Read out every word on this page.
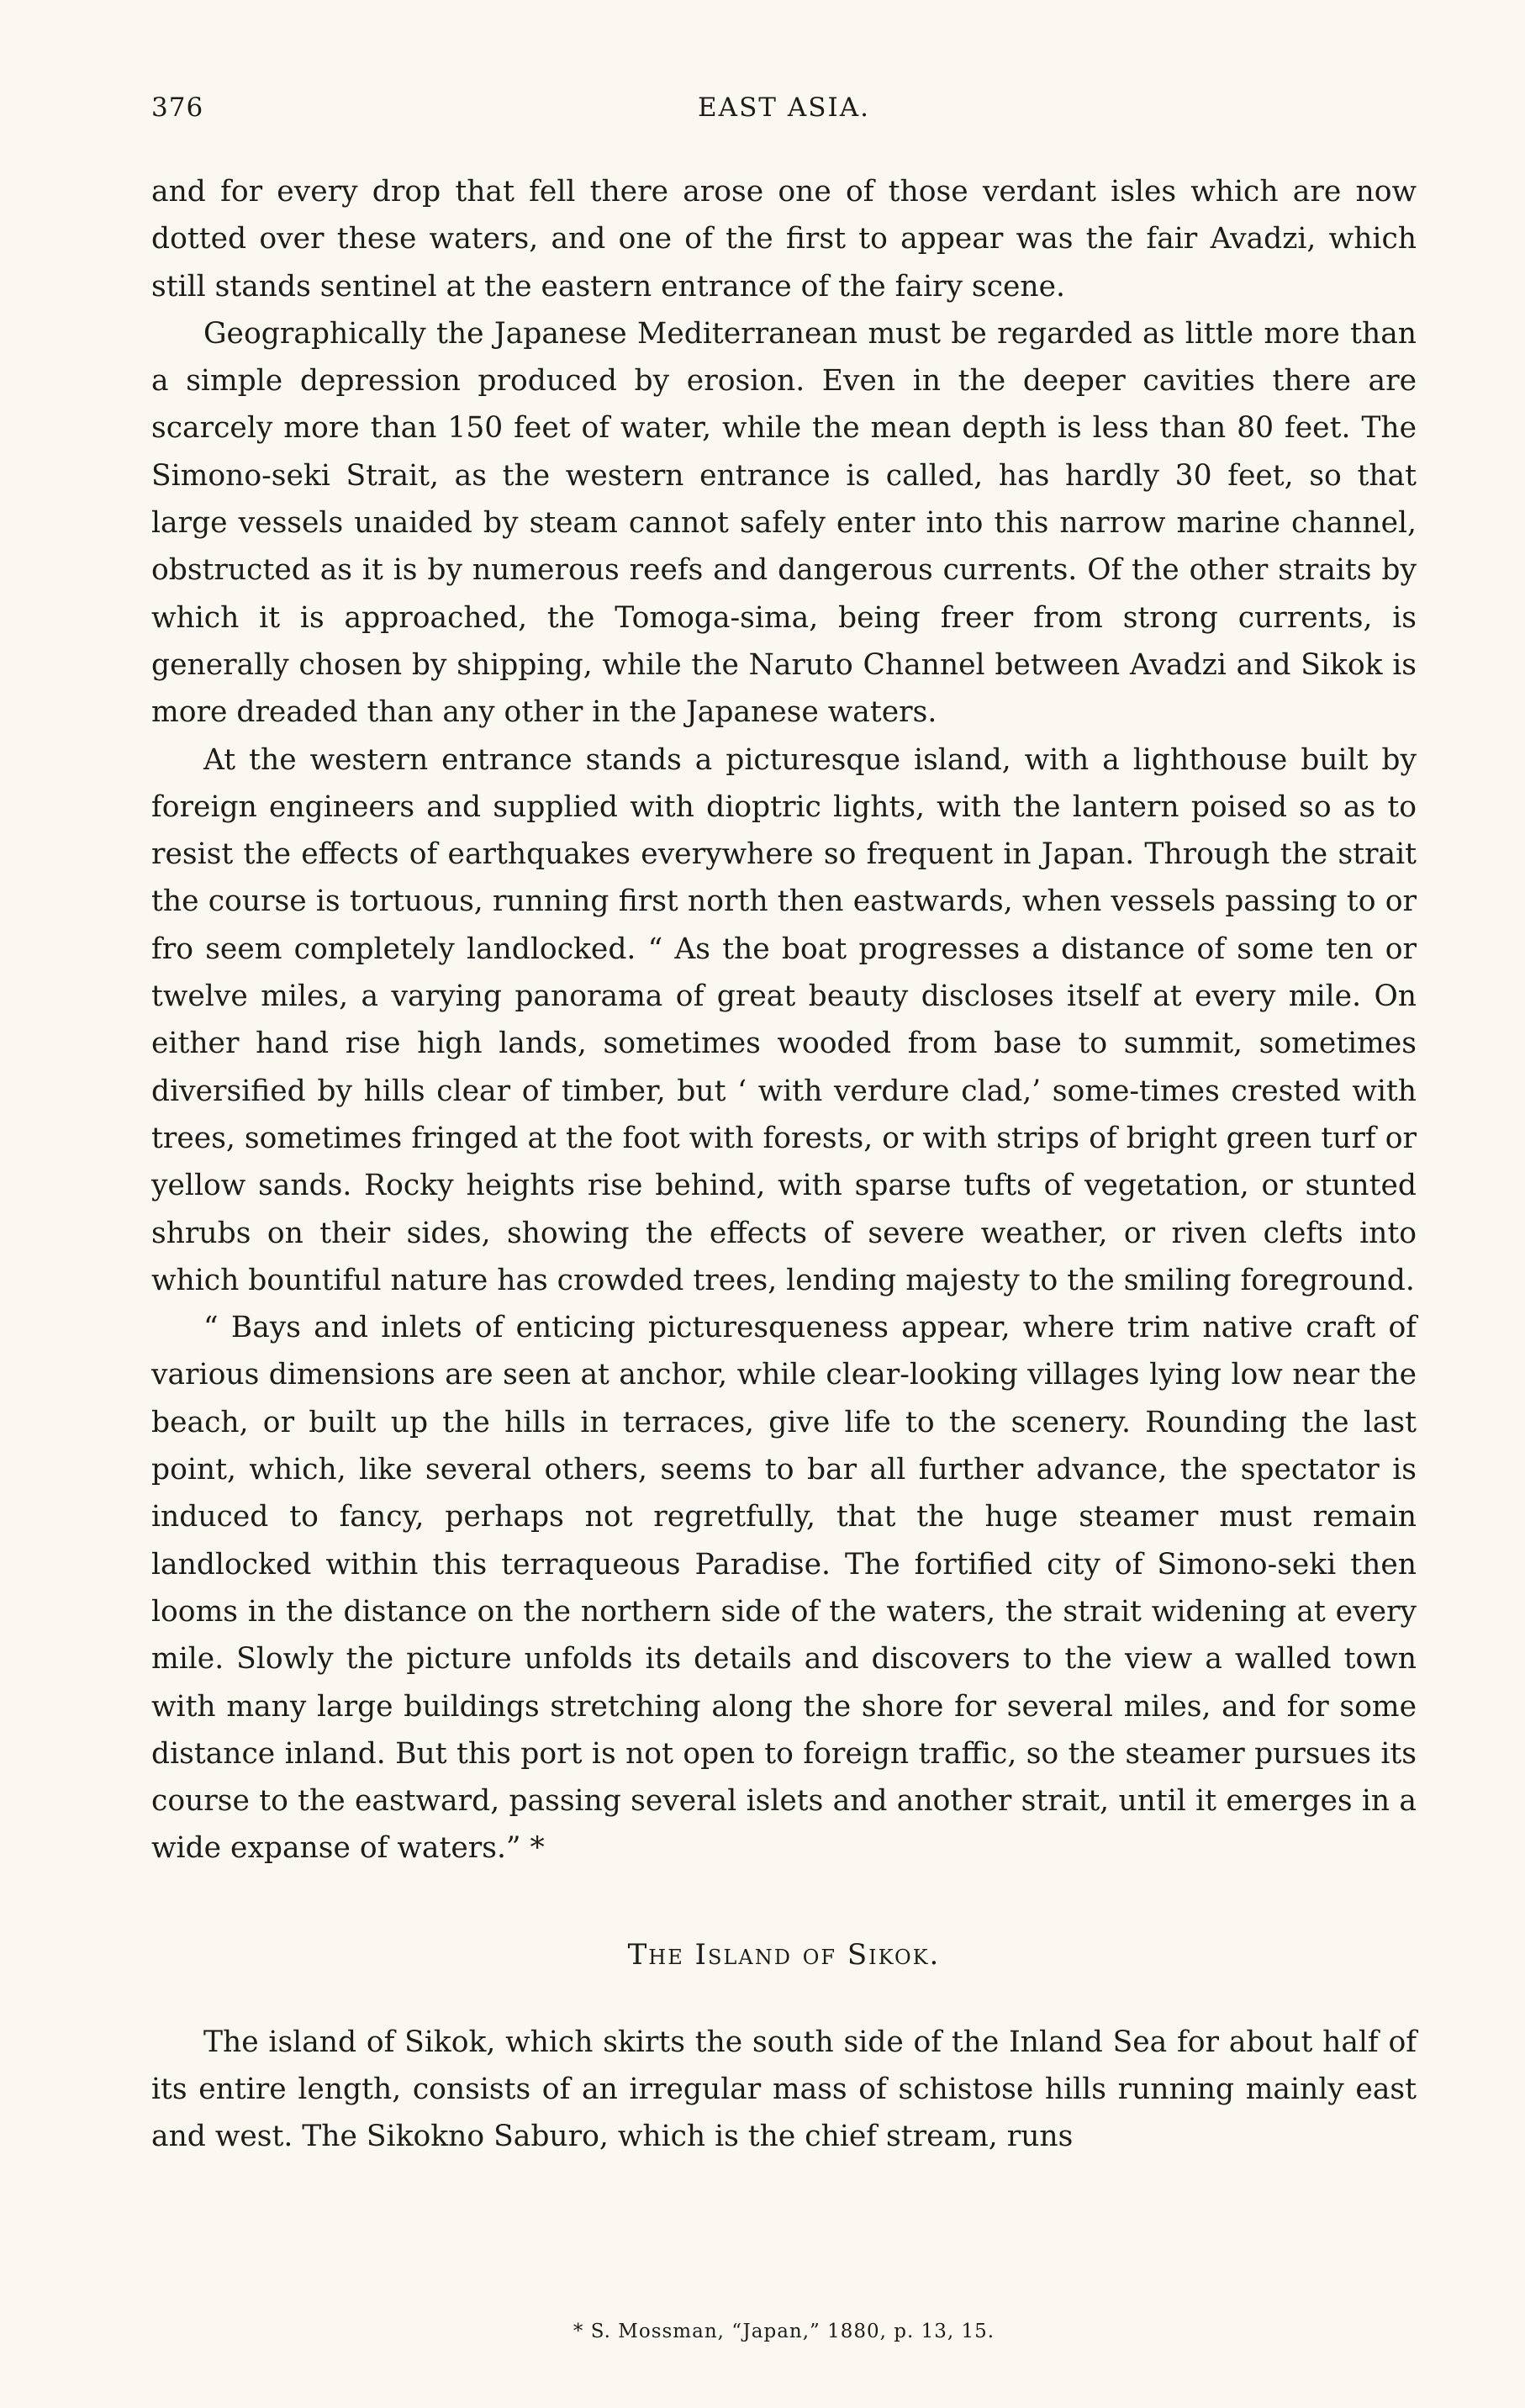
376	EAST ASIA.

and for every drop that fell there arose one of those verdant isles which are now dotted over these waters, and one of the first to appear was the fair Avadzi, which still stands sentinel at the eastern entrance of the fairy scene.

Geographically the Japanese Mediterranean must be regarded as little more than a simple depression produced by erosion. Even in the deeper cavities there are scarcely more than 150 feet of water, while the mean depth is less than 80 feet. The Simono-seki Strait, as the western entrance is called, has hardly 30 feet, so that large vessels unaided by steam cannot safely enter into this narrow marine channel, obstructed as it is by numerous reefs and dangerous currents. Of the other straits by which it is approached, the Tomoga-sima, being freer from strong currents, is generally chosen by shipping, while the Naruto Channel between Avadzi and Sikok is more dreaded than any other in the Japanese waters.

At the western entrance stands a picturesque island, with a lighthouse built by foreign engineers and supplied with dioptric lights, with the lantern poised so as to resist the effects of earthquakes everywhere so frequent in Japan. Through the strait the course is tortuous, running first north then eastwards, when vessels passing to or fro seem completely landlocked. “ As the boat progresses a distance of some ten or twelve miles, a varying panorama of great beauty discloses itself at every mile. On either hand rise high lands, sometimes wooded from base to summit, sometimes diversified by hills clear of timber, but ‘ with verdure clad,’ some-times crested with trees, sometimes fringed at the foot with forests, or with strips of bright green turf or yellow sands. Rocky heights rise behind, with sparse tufts of vegetation, or stunted shrubs on their sides, showing the effects of severe weather, or riven clefts into which bountiful nature has crowded trees, lending majesty to the smiling foreground.

“ Bays and inlets of enticing picturesqueness appear, where trim native craft of various dimensions are seen at anchor, while clear-looking villages lying low near the beach, or built up the hills in terraces, give life to the scenery. Rounding the last point, which, like several others, seems to bar all further advance, the spectator is induced to fancy, perhaps not regretfully, that the huge steamer must remain landlocked within this terraqueous Paradise. The fortified city of Simono-seki then looms in the distance on the northern side of the waters, the strait widening at every mile. Slowly the picture unfolds its details and discovers to the view a walled town with many large buildings stretching along the shore for several miles, and for some distance inland. But this port is not open to foreign traffic, so the steamer pursues its course to the eastward, passing several islets and another strait, until it emerges in a wide expanse of waters.” *

The Island of Sikok.

The island of Sikok, which skirts the south side of the Inland Sea for about half of its entire length, consists of an irregular mass of schistose hills running mainly east and west. The Sikokno Saburo, which is the chief stream, runs

* S. Mossman, “Japan,” 1880, p. 13, 15.
